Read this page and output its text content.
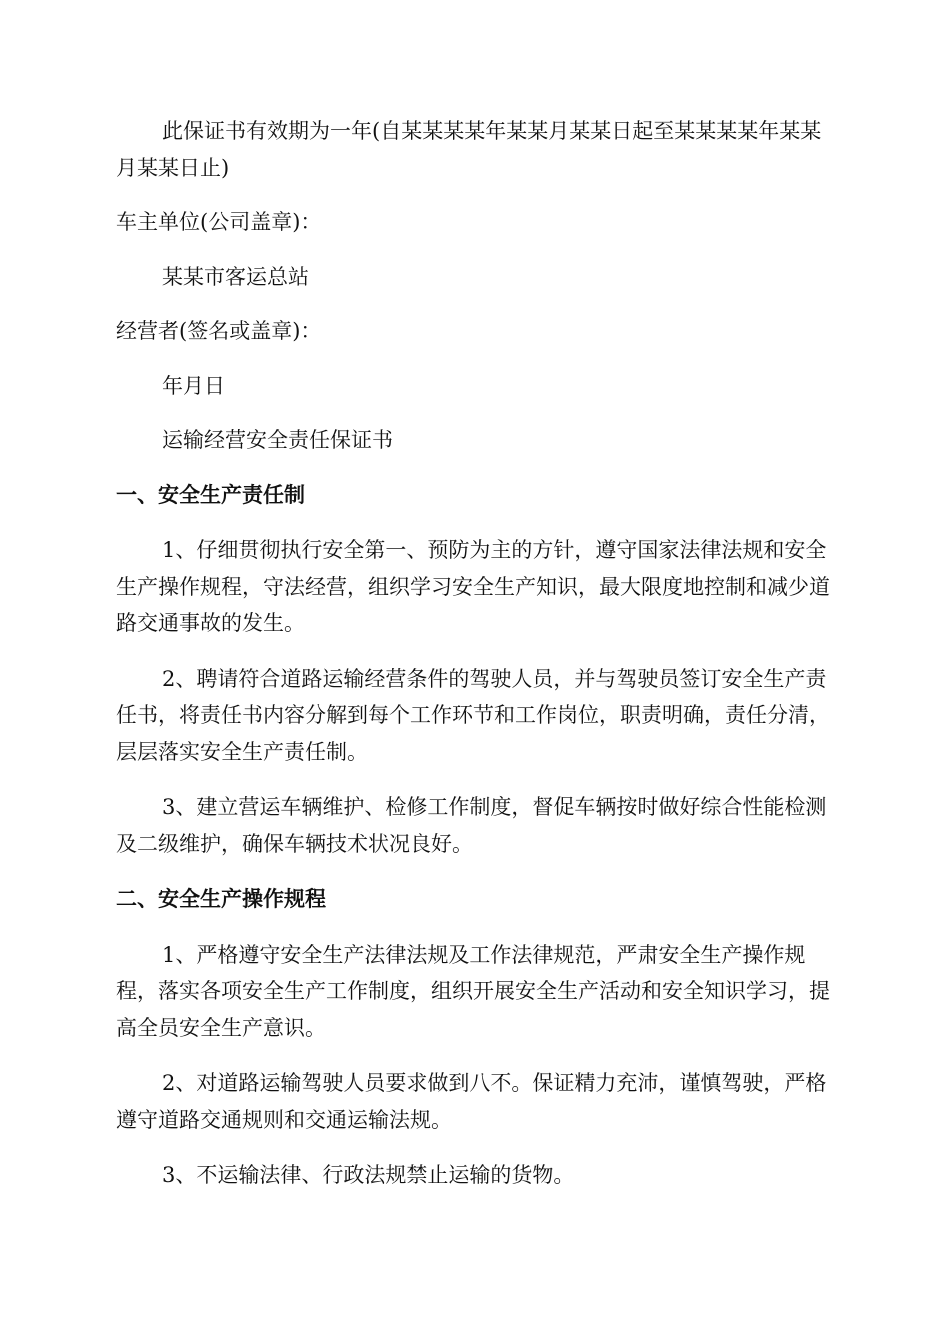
此保证书有效期为一年(自某某某某年某某月某某日起至某某某某年某某月某某日止)

车主单位(公司盖章)：

某某市客运总站

经营者(签名或盖章)：

年月日

运输经营安全责任保证书

一、安全生产责任制

1、仔细贯彻执行安全第一、预防为主的方针，遵守国家法律法规和安全生产操作规程，守法经营，组织学习安全生产知识，最大限度地控制和减少道路交通事故的发生。

2、聘请符合道路运输经营条件的驾驶人员，并与驾驶员签订安全生产责任书，将责任书内容分解到每个工作环节和工作岗位，职责明确，责任分清，层层落实安全生产责任制。

3、建立营运车辆维护、检修工作制度，督促车辆按时做好综合性能检测及二级维护，确保车辆技术状况良好。

二、安全生产操作规程

1、严格遵守安全生产法律法规及工作法律规范，严肃安全生产操作规程，落实各项安全生产工作制度，组织开展安全生产活动和安全知识学习，提高全员安全生产意识。

2、对道路运输驾驶人员要求做到八不。保证精力充沛，谨慎驾驶，严格遵守道路交通规则和交通运输法规。

3、不运输法律、行政法规禁止运输的货物。
